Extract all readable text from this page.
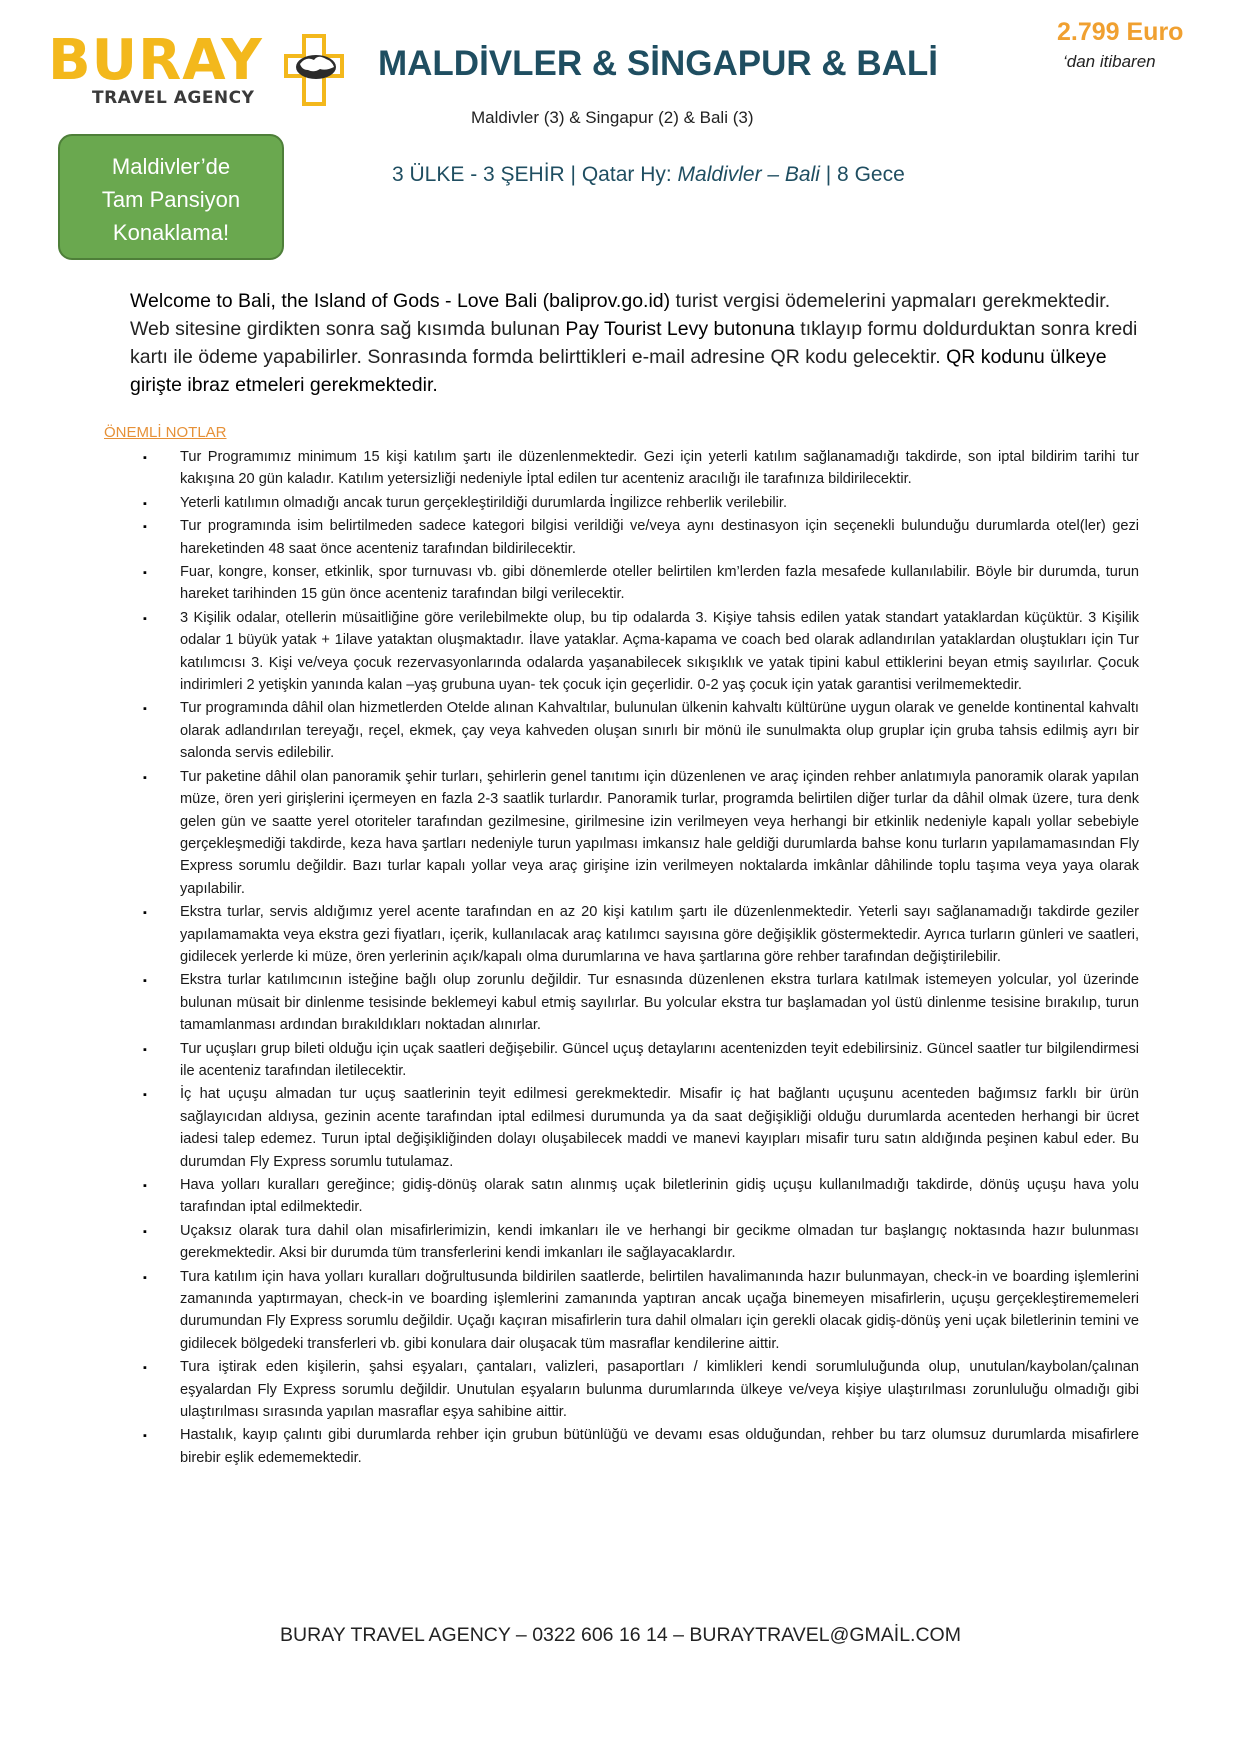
BURAY
TRAVEL AGENCY
MALDİVLER & SİNGAPUR & BALİ
Maldivler (3) & Singapur (2) & Bali (3)
3 ÜLKE - 3 ŞEHİR | Qatar Hy: Maldivler – Bali | 8 Gece
2.799 Euro
‘dan itibaren
Maldivler’de
Tam Pansiyon
Konaklama!
Welcome to Bali, the Island of Gods - Love Bali (baliprov.go.id) turist vergisi ödemelerini yapmaları gerekmektedir. Web sitesine girdikten sonra sağ kısımda bulunan Pay Tourist Levy butonuna tıklayıp formu doldurduktan sonra kredi kartı ile ödeme yapabilirler. Sonrasında formda belirttikleri e-mail adresine QR kodu gelecektir. QR kodunu ülkeye girişte ibraz etmeleri gerekmektedir.
ÖNEMLİ NOTLAR
▪ Tur Programımız minimum 15 kişi katılım şartı ile düzenlenmektedir. Gezi için yeterli katılım sağlanamadığı takdirde, son iptal bildirim tarihi tur kakışına 20 gün kaladır. Katılım yetersizliği nedeniyle İptal edilen tur acenteniz aracılığı ile tarafınıza bildirilecektir.
▪ Yeterli katılımın olmadığı ancak turun gerçekleştirildiği durumlarda İngilizce rehberlik verilebilir.
▪ Tur programında isim belirtilmeden sadece kategori bilgisi verildiği ve/veya aynı destinasyon için seçenekli bulunduğu durumlarda otel(ler) gezi hareketinden 48 saat önce acenteniz tarafından bildirilecektir.
▪ Fuar, kongre, konser, etkinlik, spor turnuvası vb. gibi dönemlerde oteller belirtilen km’lerden fazla mesafede kullanılabilir. Böyle bir durumda, turun hareket tarihinden 15 gün önce acenteniz tarafından bilgi verilecektir.
▪ 3 Kişilik odalar, otellerin müsaitliğine göre verilebilmekte olup, bu tip odalarda 3. Kişiye tahsis edilen yatak standart yataklardan küçüktür. 3 Kişilik odalar 1 büyük yatak + 1ilave yataktan oluşmaktadır. İlave yataklar. Açma-kapama ve coach bed olarak adlandırılan yataklardan oluştukları için Tur katılımcısı 3. Kişi ve/veya çocuk rezervasyonlarında odalarda yaşanabilecek sıkışıklık ve yatak tipini kabul ettiklerini beyan etmiş sayılırlar. Çocuk indirimleri 2 yetişkin yanında kalan –yaş grubuna uyan- tek çocuk için geçerlidir. 0-2 yaş çocuk için yatak garantisi verilmemektedir.
▪ Tur programında dâhil olan hizmetlerden Otelde alınan Kahvaltılar, bulunulan ülkenin kahvaltı kültürüne uygun olarak ve genelde kontinental kahvaltı olarak adlandırılan tereyağı, reçel, ekmek, çay veya kahveden oluşan sınırlı bir mönü ile sunulmakta olup gruplar için gruba tahsis edilmiş ayrı bir salonda servis edilebilir.
▪ Tur paketine dâhil olan panoramik şehir turları, şehirlerin genel tanıtımı için düzenlenen ve araç içinden rehber anlatımıyla panoramik olarak yapılan müze, ören yeri girişlerini içermeyen en fazla 2-3 saatlik turlardır. Panoramik turlar, programda belirtilen diğer turlar da dâhil olmak üzere, tura denk gelen gün ve saatte yerel otoriteler tarafından gezilmesine, girilmesine izin verilmeyen veya herhangi bir etkinlik nedeniyle kapalı yollar sebebiyle gerçekleşmediği takdirde, keza hava şartları nedeniyle turun yapılması imkansız hale geldiği durumlarda bahse konu turların yapılamamasından Fly Express sorumlu değildir. Bazı turlar kapalı yollar veya araç girişine izin verilmeyen noktalarda imkânlar dâhilinde toplu taşıma veya yaya olarak yapılabilir.
▪ Ekstra turlar, servis aldığımız yerel acente tarafından en az 20 kişi katılım şartı ile düzenlenmektedir. Yeterli sayı sağlanamadığı takdirde geziler yapılamamakta veya ekstra gezi fiyatları, içerik, kullanılacak araç katılımcı sayısına göre değişiklik göstermektedir. Ayrıca turların günleri ve saatleri, gidilecek yerlerde ki müze, ören yerlerinin açık/kapalı olma durumlarına ve hava şartlarına göre rehber tarafından değiştirilebilir.
▪ Ekstra turlar katılımcının isteğine bağlı olup zorunlu değildir. Tur esnasında düzenlenen ekstra turlara katılmak istemeyen yolcular, yol üzerinde bulunan müsait bir dinlenme tesisinde beklemeyi kabul etmiş sayılırlar. Bu yolcular ekstra tur başlamadan yol üstü dinlenme tesisine bırakılıp, turun tamamlanması ardından bırakıldıkları noktadan alınırlar.
▪ Tur uçuşları grup bileti olduğu için uçak saatleri değişebilir. Güncel uçuş detaylarını acentenizden teyit edebilirsiniz. Güncel saatler tur bilgilendirmesi ile acenteniz tarafından iletilecektir.
▪ İç hat uçuşu almadan tur uçuş saatlerinin teyit edilmesi gerekmektedir. Misafir iç hat bağlantı uçuşunu acenteden bağımsız farklı bir ürün sağlayıcıdan aldıysa, gezinin acente tarafından iptal edilmesi durumunda ya da saat değişikliği olduğu durumlarda acenteden herhangi bir ücret iadesi talep edemez. Turun iptal değişikliğinden dolayı oluşabilecek maddi ve manevi kayıpları misafir turu satın aldığında peşinen kabul eder. Bu durumdan Fly Express sorumlu tutulamaz.
▪ Hava yolları kuralları gereğince; gidiş-dönüş olarak satın alınmış uçak biletlerinin gidiş uçuşu kullanılmadığı takdirde, dönüş uçuşu hava yolu tarafından iptal edilmektedir.
▪ Uçaksız olarak tura dahil olan misafirlerimizin, kendi imkanları ile ve herhangi bir gecikme olmadan tur başlangıç noktasında hazır bulunması gerekmektedir. Aksi bir durumda tüm transferlerini kendi imkanları ile sağlayacaklardır.
▪ Tura katılım için hava yolları kuralları doğrultusunda bildirilen saatlerde, belirtilen havalimanında hazır bulunmayan, check-in ve boarding işlemlerini zamanında yaptırmayan, check-in ve boarding işlemlerini zamanında yaptıran ancak uçağa binemeyen misafirlerin, uçuşu gerçekleştirememeleri durumundan Fly Express sorumlu değildir. Uçağı kaçıran misafirlerin tura dahil olmaları için gerekli olacak gidiş-dönüş yeni uçak biletlerinin temini ve gidilecek bölgedeki transferleri vb. gibi konulara dair oluşacak tüm masraflar kendilerine aittir.
▪ Tura iştirak eden kişilerin, şahsi eşyaları, çantaları, valizleri, pasaportları / kimlikleri kendi sorumluluğunda olup, unutulan/kaybolan/çalınan eşyalardan Fly Express sorumlu değildir. Unutulan eşyaların bulunma durumlarında ülkeye ve/veya kişiye ulaştırılması zorunluluğu olmadığı gibi ulaştırılması sırasında yapılan masraflar eşya sahibine aittir.
▪ Hastalık, kayıp çalıntı gibi durumlarda rehber için grubun bütünlüğü ve devamı esas olduğundan, rehber bu tarz olumsuz durumlarda misafirlere birebir eşlik edememektedir.
BURAY TRAVEL AGENCY – 0322 606 16 14 – BURAYTRAVEL@GMAİL.COM
